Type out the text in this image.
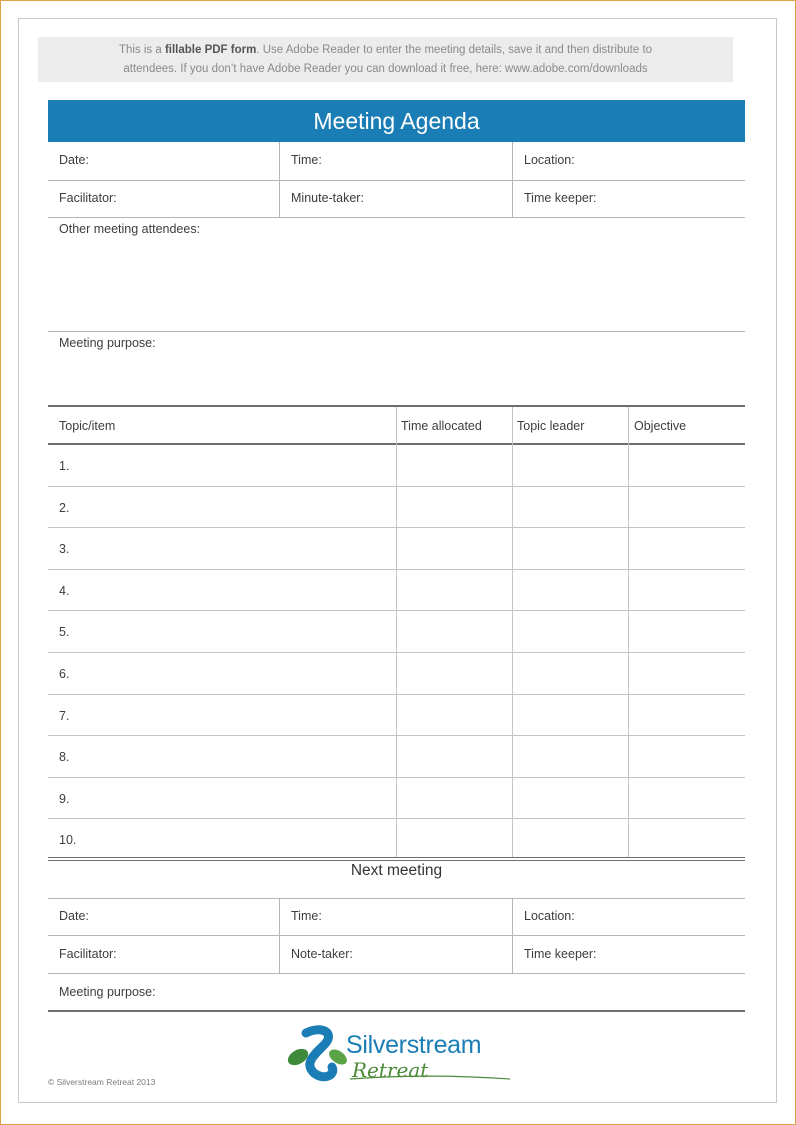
This is a fillable PDF form. Use Adobe Reader to enter the meeting details, save it and then distribute to
attendees. If you don’t have Adobe Reader you can download it free, here: www.adobe.com/downloads
Meeting Agenda
Date:	Time:	Location:
Facilitator:	Minute-taker:	Time keeper:
Other meeting attendees:
Meeting purpose:
Topic/item	Time allocated	Topic leader	Objective
1.
2.
3.
4.
5.
6.
7.
8.
9.
10.
Next meeting
Date:	Time:	Location:
Facilitator:	Note-taker:	Time keeper:
Meeting purpose:
Silverstream
Retreat
© Silverstream Retreat 2013
